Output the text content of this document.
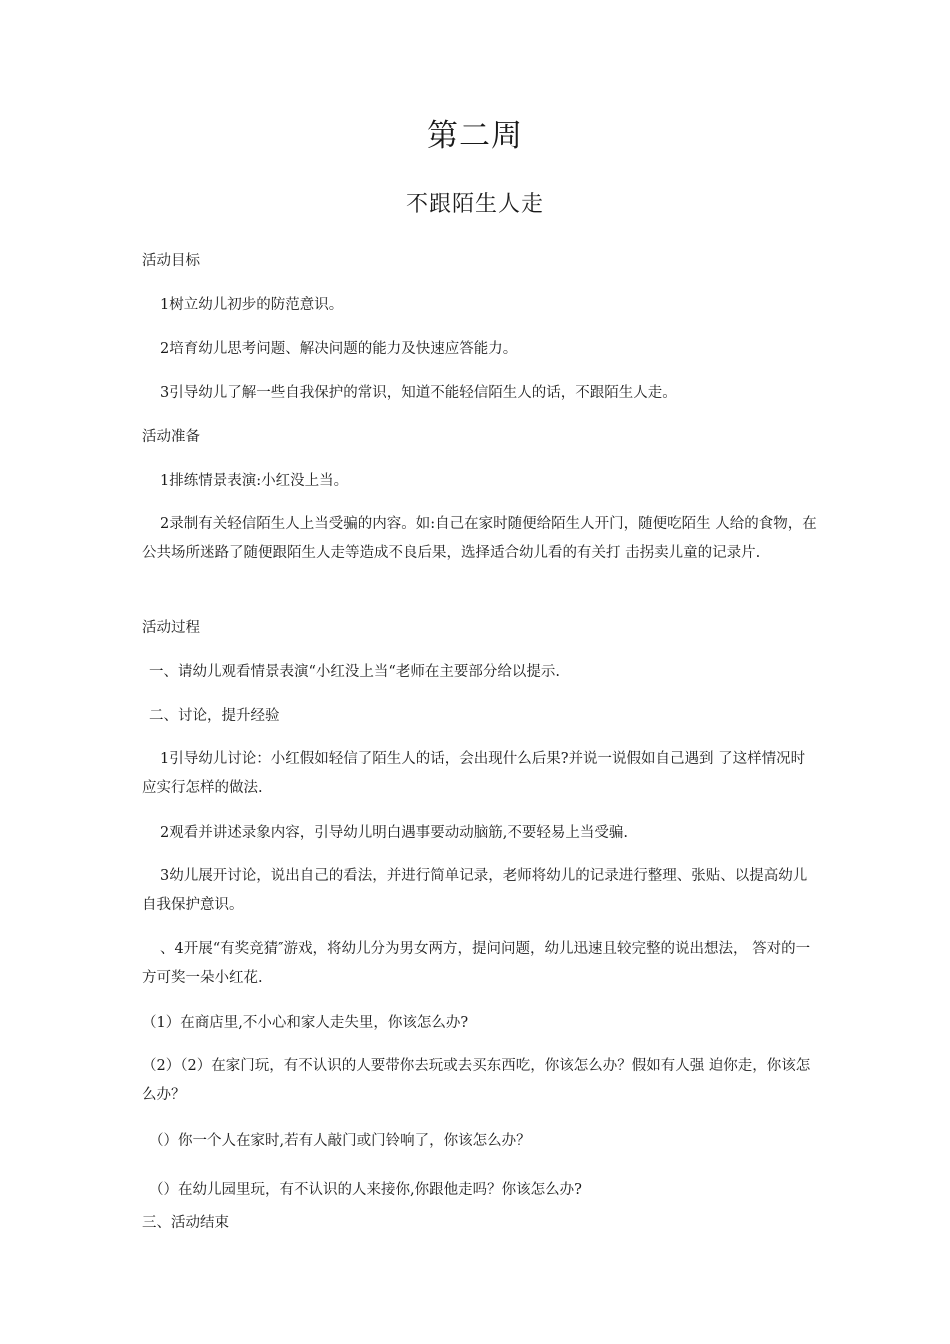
第二周
不跟陌生人走
活动目标
1树立幼儿初步的防范意识。
2培育幼儿思考问题、解决问题的能力及快速应答能力。
3引导幼儿了解一些自我保护的常识，知道不能轻信陌生人的话，不跟陌生人走。
活动准备
1排练情景表演:小红没上当。
2录制有关轻信陌生人上当受骗的内容。如:自己在家时随便给陌生人开门，随便吃陌生 人给的食物，在公共场所迷路了随便跟陌生人走等造成不良后果，选择适合幼儿看的有关打 击拐卖儿童的记录片.
活动过程
一、请幼儿观看情景表演“小红没上当“老师在主要部分给以提示.
二、讨论，提升经验
1引导幼儿讨论：小红假如轻信了陌生人的话，会出现什么后果?并说一说假如自己遇到 了这样情况时应实行怎样的做法.
2观看并讲述录象内容，引导幼儿明白遇事要动动脑筋,不要轻易上当受骗.
3幼儿展开讨论，说出自己的看法，并进行简单记录，老师将幼儿的记录进行整理、张贴、以提高幼儿自我保护意识。
、4开展“有奖竞猜″游戏，将幼儿分为男女两方，提问问题，幼儿迅速且较完整的说出想法， 答对的一方可奖一朵小红花.
（1）在商店里,不小心和家人走失里，你该怎么办?
（2）（2）在家门玩，有不认识的人要带你去玩或去买东西吃，你该怎么办？假如有人强 迫你走，你该怎么办？
（）你一个人在家时,若有人敲门或门铃响了，你该怎么办？
（）在幼儿园里玩，有不认识的人来接你,你跟他走吗？你该怎么办?
三、活动结束
